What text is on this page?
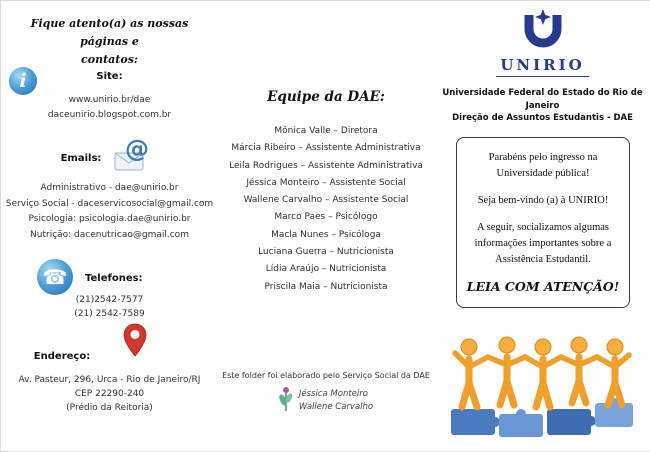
Fique atento(a) as nossas páginas e
contatos:
i	Site:
www.unirio.br/dae
daceunirio.blogspot.com.br
Emails: @
Administrativo - dae@unirio.br
Serviço Social - daceservicosocial@gmail.com
Psicologia: psicologia.dae@unirio.br
Nutrição: dacenutricao@gmail.com
☎ Telefones:
(21)2542-7577
(21) 2542-7589
Endereço:
Av. Pasteur, 296, Urca - Rio de Janeiro/RJ
CEP 22290-240
(Prédio da Reitoria)
Equipe da DAE:
Mônica Valle – Diretora
Márcia Ribeiro – Assistente Administrativa
Leila Rodrigues – Assistente Administrativa
Jéssica Monteiro – Assistente Social
Wallene Carvalho – Assistente Social
Marco Paes – Psicólogo
Macla Nunes – Psicóloga
Luciana Guerra – Nutricionista
Lídia Araújo – Nutricionista
Priscila Maia – Nutricionista
Este folder foi elaborado pelo Serviço Social da DAE
Jéssica Monteiro
Wallene Carvalho
UNIRIO
Universidade Federal do Estado do Rio de Janeiro
Direção de Assuntos Estudantis - DAE
Parabéns pelo ingresso na
Universidade pública!
Seja bem-vindo (a) à UNIRIO!
A seguir, socializamos algumas
informações importantes sobre a
Assistência Estudantil.
LEIA COM ATENÇÃO!
